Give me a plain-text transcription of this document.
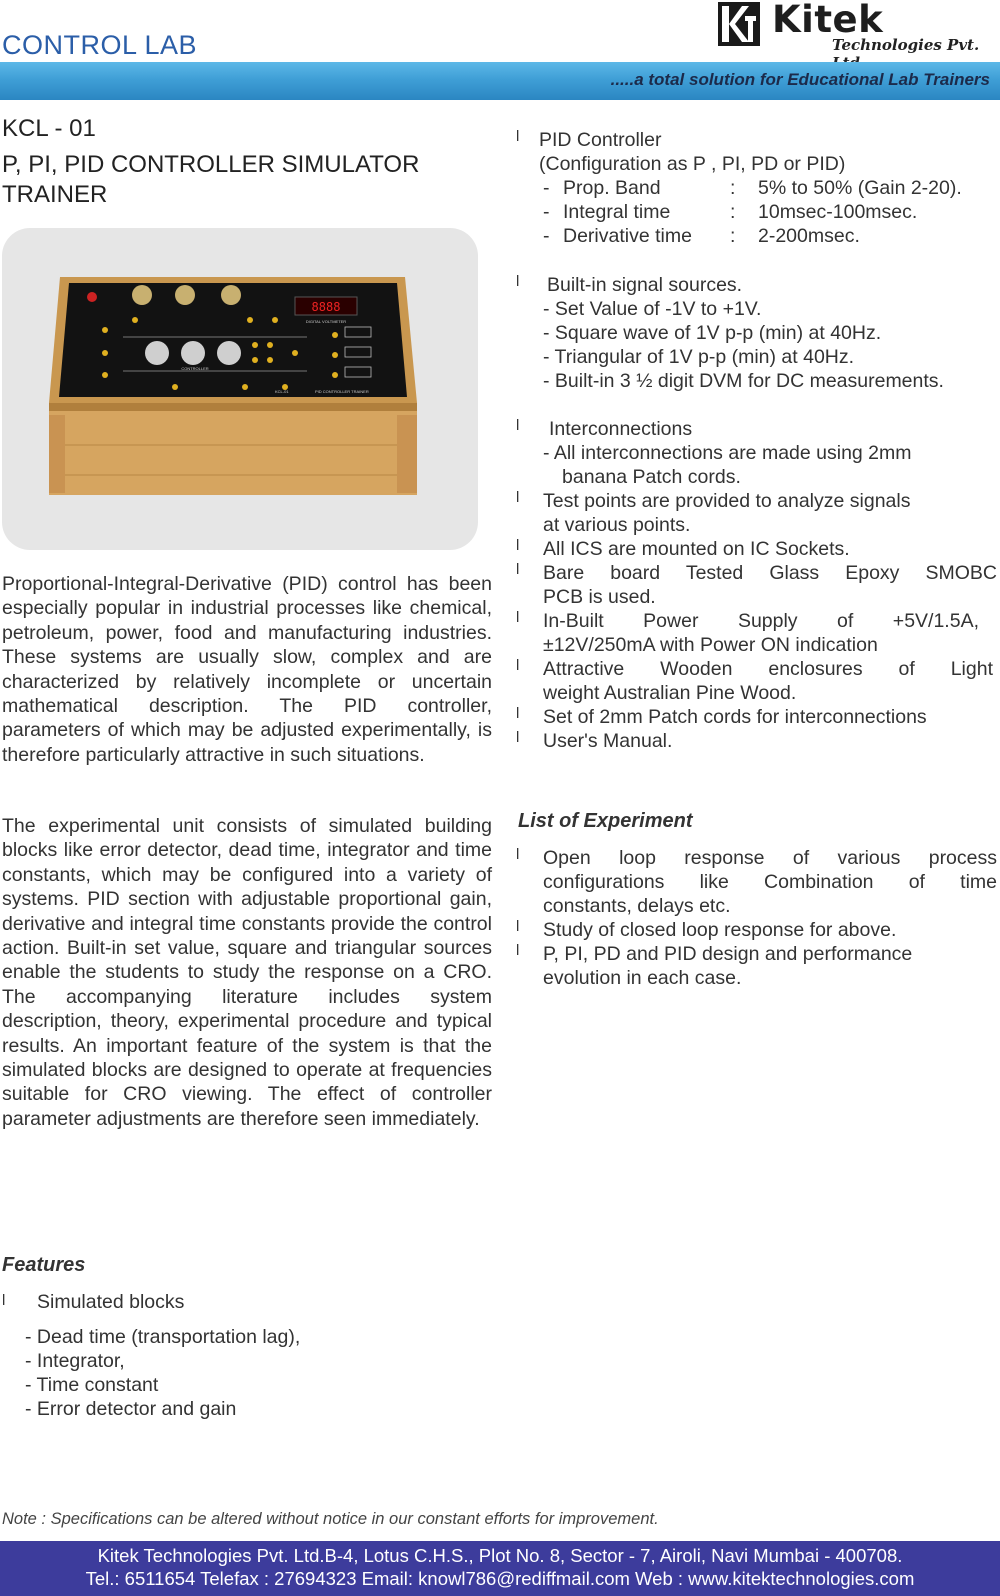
CONTROL LAB
Kitek
Technologies Pvt.
.....a total solution for Educational Lab Trainers
KCL - 01
P, PI, PID CONTROLLER SIMULATOR TRAINER
8888
CONTROLLER
DIGITAL VOLTMETER
KCL-01	PID CONTROLLER TRAINER
Proportional-Integral-Derivative (PID) control has been especially popular in industrial processes like chemical, petroleum, power, food and manufacturing industries. These systems are usually slow, complex and are characterized by relatively incomplete or uncertain mathematical description. The PID controller, parameters of which may be adjusted experimentally, is therefore particularly attractive in such situations.
The experimental unit consists of simulated building blocks like error detector, dead time, integrator and time constants, which may be configured into a variety of systems. PID section with adjustable proportional gain, derivative and integral time constants provide the control action. Built-in set value, square and triangular sources enable the students to study the response on a CRO. The accompanying literature includes system description, theory, experimental procedure and typical results. An important feature of the system is that the simulated blocks are designed to operate at frequencies suitable for CRO viewing. The effect of controller parameter adjustments are therefore seen immediately.
l PID Controller
(Configuration as P , PI, PD or PID)
- Prop. Band	: 5% to 50% (Gain 2-20).
- Integral time	: 10msec-100msec.
- Derivative time : 2-200msec.
l Built-in signal sources.
- Set Value of -1V to +1V.
- Square wave of 1V p-p (min) at 40Hz.
- Triangular of 1V p-p (min) at 40Hz.
- Built-in 3 ½ digit DVM for DC measurements.
l Interconnections
- All interconnections are made using 2mm
banana Patch cords.
l Test points are provided to analyze signals
at various points.
l All ICS are mounted on IC Sockets.
l Bare board Tested Glass Epoxy SMOBC
PCB is used.
l In-Built Power Supply of +5V/1.5A,
±12V/250mA with Power ON indication
l Attractive Wooden enclosures of Light
weight Australian Pine Wood.
l Set of 2mm Patch cords for interconnections
l User's Manual.
List of Experiment
l Open loop response of various process
configurations like Combination of time
constants, delays etc.
l Study of closed loop response for above.
l P, PI, PD and PID design and performance
evolution in each case.
Features
l Simulated blocks
- Dead time (transportation lag),
- Integrator,
- Time constant
- Error detector and gain
Note : Specifications can be altered without notice in our constant efforts for improvement.
Kitek Technologies Pvt. Ltd.B-4, Lotus C.H.S., Plot No. 8, Sector - 7, Airoli, Navi Mumbai - 400708.
Tel.: 6511654 Telefax : 27694323 Email: knowl786@rediffmail.com Web : www.kitektechnologies.com
